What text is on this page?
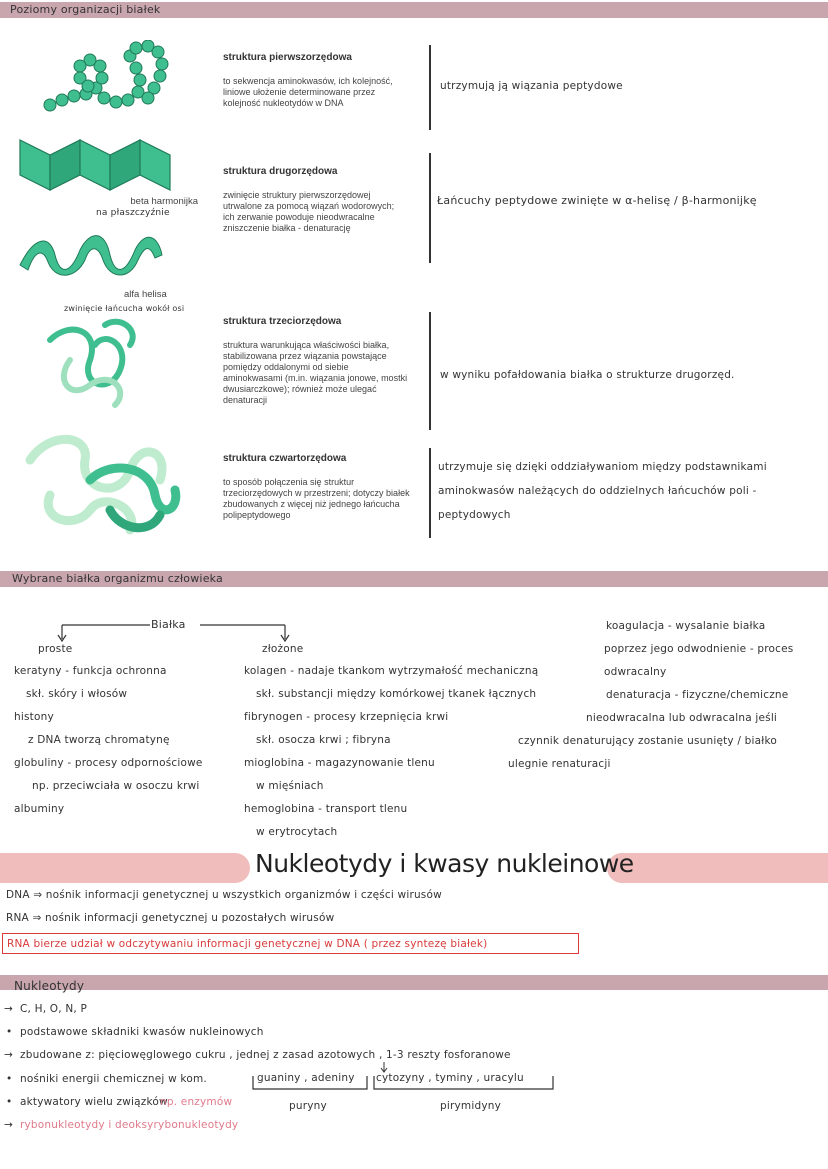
Poziomy organizacji białek
beta harmonijka
na płaszczyźnie
alfa helisa
zwinięcie łańcucha wokół osi
struktura pierwszorzędowa
to sekwencja aminokwasów, ich kolejność, liniowe ułożenie determinowane przez kolejność nukleotydów w DNA
utrzymują ją wiązania peptydowe
struktura drugorzędowa
zwinięcie struktury pierwszorzędowej utrwalone za pomocą wiązań wodorowych; ich zerwanie powoduje nieodwracalne zniszczenie białka - denaturację
Łańcuchy peptydowe zwinięte w α-helisę / β-harmonijkę
struktura trzeciorzędowa
struktura warunkująca właściwości białka, stabilizowana przez wiązania powstające pomiędzy oddalonymi od siebie aminokwasami (m.in. wiązania jonowe, mostki dwusiarczkowe); również może ulegać denaturacji
w wyniku pofałdowania białka o strukturze drugorzęd.
struktura czwartorzędowa
to sposób połączenia się struktur trzeciorzędowych w przestrzeni; dotyczy białek zbudowanych z więcej niż jednego łańcucha polipeptydowego
utrzymuje się dzięki oddziaływaniom między podstawnikami aminokwasów należących do oddzielnych łańcuchów poli - peptydowych
Wybrane białka organizmu człowieka
Białka
proste	złożone
keratyny - funkcja ochronna
skł. skóry i włosów
histony
z DNA tworzą chromatynę
globuliny - procesy odpornościowe
np. przeciwciała w osoczu krwi
albuminy
kolagen - nadaje tkankom wytrzymałość mechaniczną
skł. substancji między komórkowej tkanek łącznych
fibrynogen - procesy krzepnięcia krwi
skł. osocza krwi ; fibryna
mioglobina - magazynowanie tlenu
w mięśniach
hemoglobina - transport tlenu
w erytrocytach
koagulacja - wysalanie białka
poprzez jego odwodnienie - proces
odwracalny
denaturacja - fizyczne/chemiczne
nieodwracalna lub odwracalna jeśli
czynnik denaturujący zostanie usunięty / białko
ulegnie renaturacji
Nukleotydy i kwasy nukleinowe
DNA ⇒ nośnik informacji genetycznej u wszystkich organizmów i części wirusów
RNA ⇒ nośnik informacji genetycznej u pozostałych wirusów
RNA bierze udział w odczytywaniu informacji genetycznej w DNA ( przez syntezę białek)
Nukleotydy
→ C, H, O, N, P
• podstawowe składniki kwasów nukleinowych
→ zbudowane z: pięciowęglowego cukru , jednej z zasad azotowych , 1-3 reszty fosforanowe
• nośniki energii chemicznej w kom.
• aktywatory wielu związków
np. enzymów
→ rybonukleotydy i deoksyrybonukleotydy
guaniny , adeniny cytozyny , tyminy , uracylu
puryny	pirymidyny
